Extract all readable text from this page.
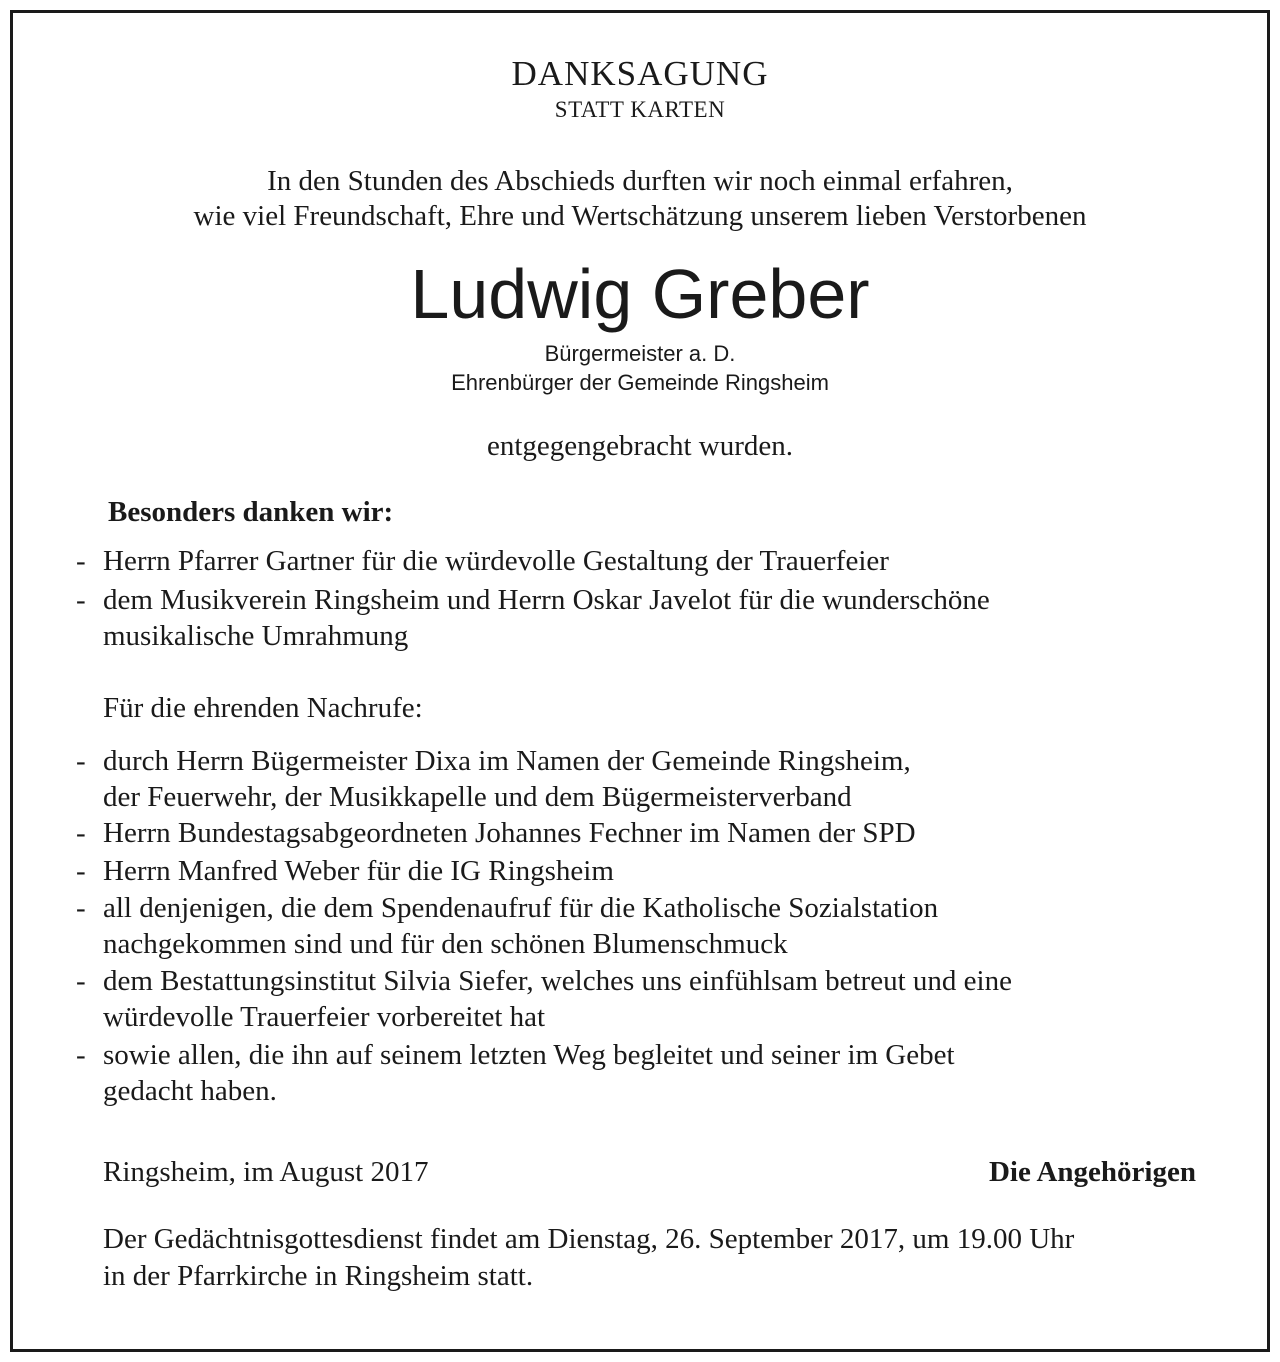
DANKSAGUNG
STATT KARTEN
In den Stunden des Abschieds durften wir noch einmal erfahren,
wie viel Freundschaft, Ehre und Wertschätzung unserem lieben Verstorbenen
Ludwig Greber
Bürgermeister a. D.
Ehrenbürger der Gemeinde Ringsheim
entgegengebracht wurden.
Besonders danken wir:
- Herrn Pfarrer Gartner für die würdevolle Gestaltung der Trauerfeier
- dem Musikverein Ringsheim und Herrn Oskar Javelot für die wunderschöne
musikalische Umrahmung
Für die ehrenden Nachrufe:
- durch Herrn Bügermeister Dixa im Namen der Gemeinde Ringsheim,
der Feuerwehr, der Musikkapelle und dem Bügermeisterverband
- Herrn Bundestagsabgeordneten Johannes Fechner im Namen der SPD
- Herrn Manfred Weber für die IG Ringsheim
- all denjenigen, die dem Spendenaufruf für die Katholische Sozialstation
nachgekommen sind und für den schönen Blumenschmuck
- dem Bestattungsinstitut Silvia Siefer, welches uns einfühlsam betreut und eine
würdevolle Trauerfeier vorbereitet hat
- sowie allen, die ihn auf seinem letzten Weg begleitet und seiner im Gebet
gedacht haben.
Ringsheim, im August 2017	Die Angehörigen
Der Gedächtnisgottesdienst findet am Dienstag, 26. September 2017, um 19.00 Uhr
in der Pfarrkirche in Ringsheim statt.
